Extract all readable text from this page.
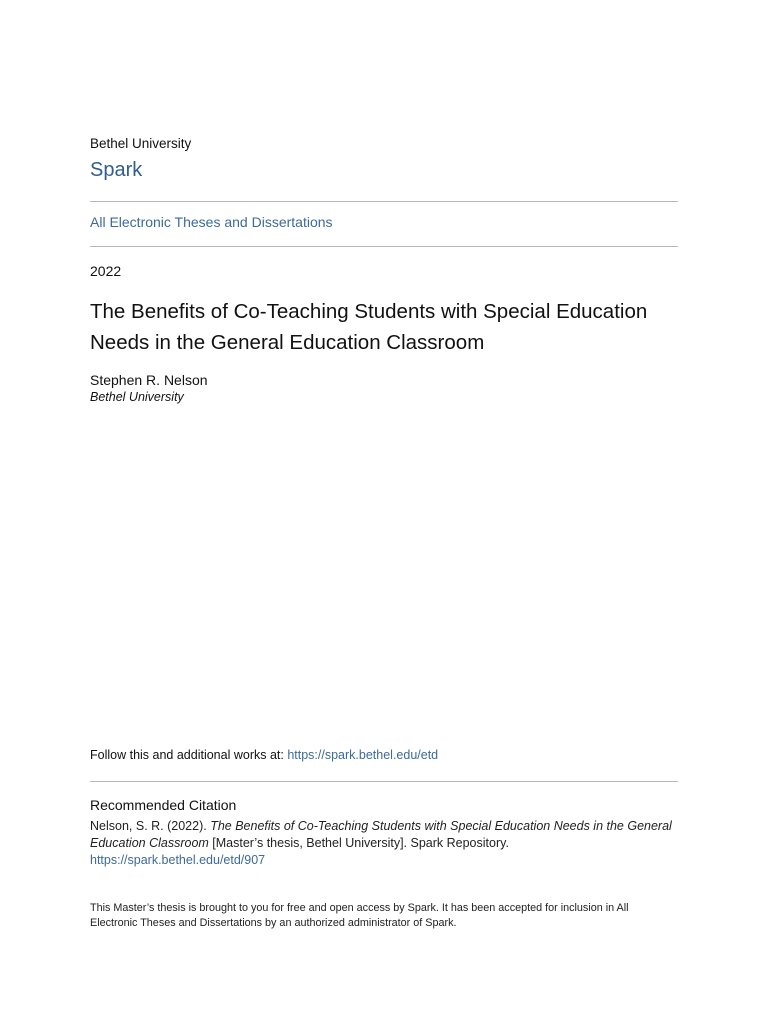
Bethel University
Spark
All Electronic Theses and Dissertations
2022
The Benefits of Co-Teaching Students with Special Education Needs in the General Education Classroom
Stephen R. Nelson
Bethel University
Follow this and additional works at: https://spark.bethel.edu/etd
Recommended Citation
Nelson, S. R. (2022). The Benefits of Co-Teaching Students with Special Education Needs in the General Education Classroom [Master’s thesis, Bethel University]. Spark Repository. https://spark.bethel.edu/etd/907
This Master’s thesis is brought to you for free and open access by Spark. It has been accepted for inclusion in All Electronic Theses and Dissertations by an authorized administrator of Spark.
